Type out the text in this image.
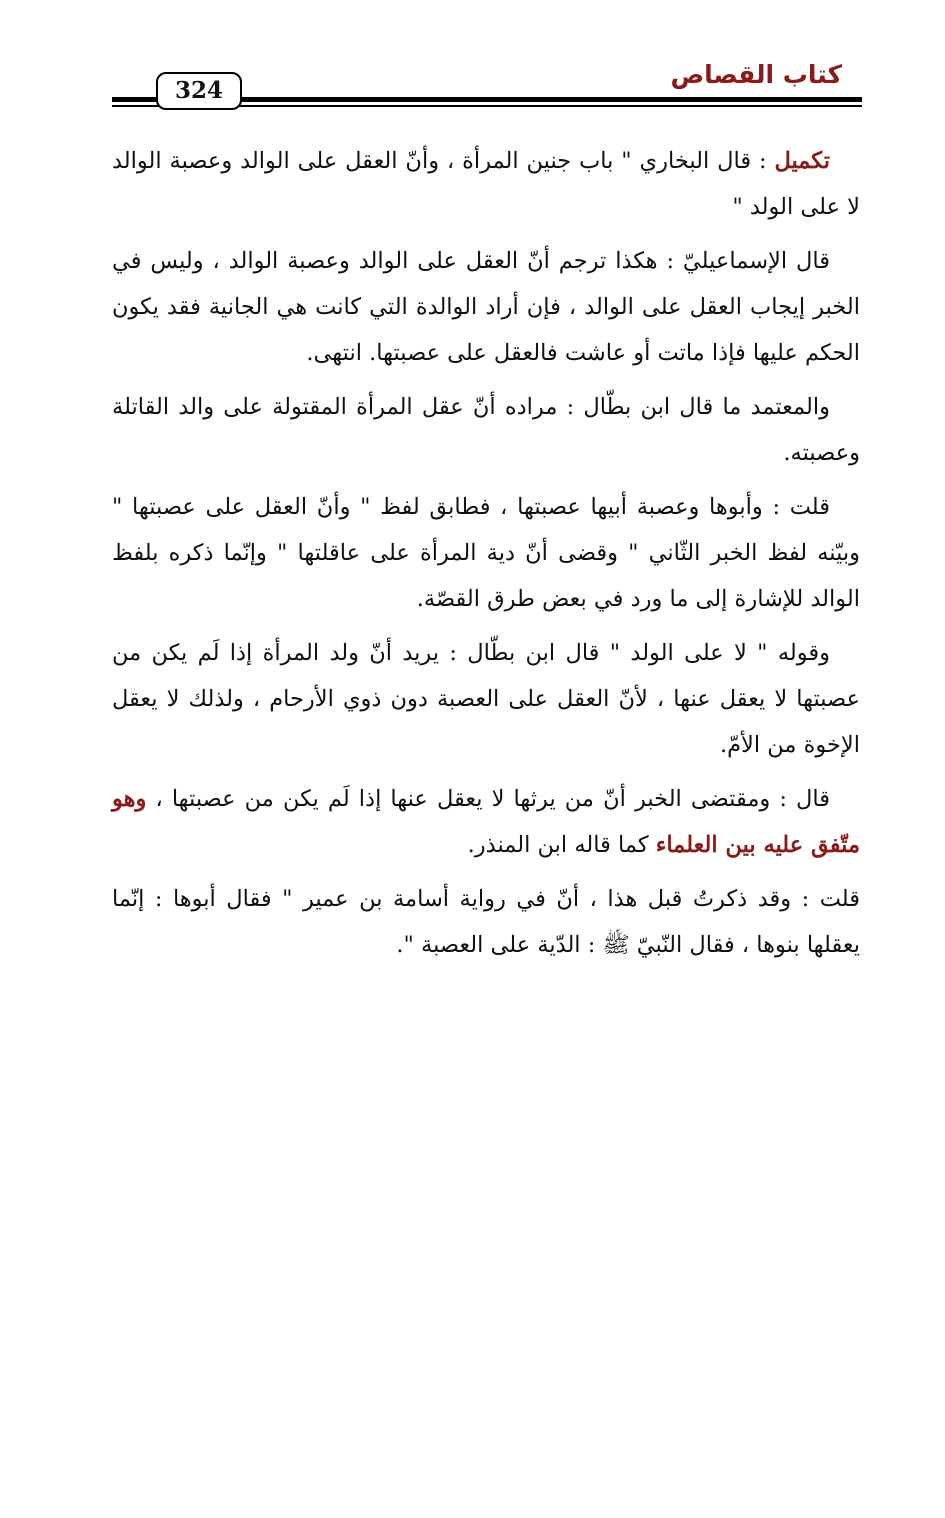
كتاب القصاص
324

تكميل : قال البخاري " باب جنين المرأة ، وأنّ العقل على الوالد وعصبة الوالد لا على الولد "

قال الإسماعيليّ : هكذا ترجم أنّ العقل على الوالد وعصبة الوالد ، وليس في الخبر إيجاب العقل على الوالد ، فإن أراد الوالدة التي كانت هي الجانية فقد يكون الحكم عليها فإذا ماتت أو عاشت فالعقل على عصبتها. انتهى.

والمعتمد ما قال ابن بطّال : مراده أنّ عقل المرأة المقتولة على والد القاتلة وعصبته.

قلت : وأبوها وعصبة أبيها عصبتها ، فطابق لفظ " وأنّ العقل على عصبتها " وبيّنه لفظ الخبر الثّاني " وقضى أنّ دية المرأة على عاقلتها " وإنّما ذكره بلفظ الوالد للإشارة إلى ما ورد في بعض طرق القصّة.

وقوله " لا على الولد " قال ابن بطّال : يريد أنّ ولد المرأة إذا لَم يكن من عصبتها لا يعقل عنها ، لأنّ العقل على العصبة دون ذوي الأرحام ، ولذلك لا يعقل الإخوة من الأمّ.

قال : ومقتضى الخبر أنّ من يرثها لا يعقل عنها إذا لَم يكن من عصبتها ، وهو متّفق عليه بين العلماء كما قاله ابن المنذر.

قلت : وقد ذكرتُ قبل هذا ، أنّ في رواية أسامة بن عمير " فقال أبوها : إنّما يعقلها بنوها ، فقال النّبيّ ﷺ : الدّية على العصبة ".
